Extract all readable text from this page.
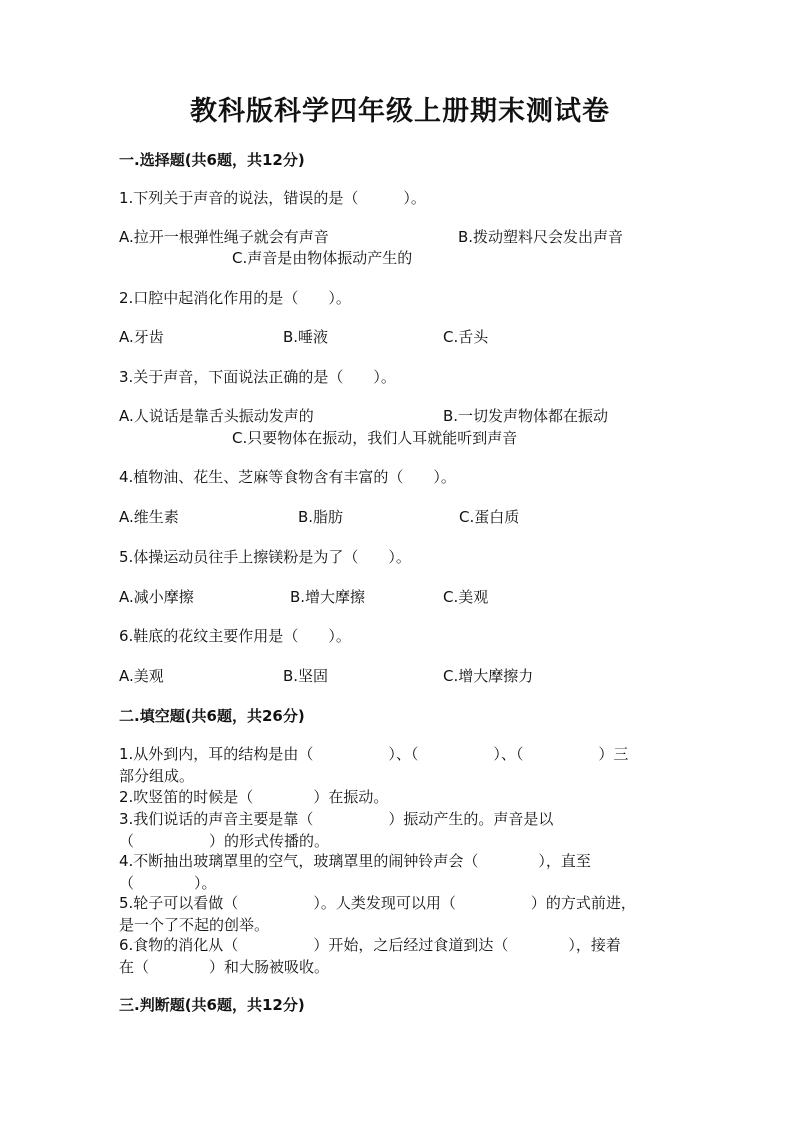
教科版科学四年级上册期末测试卷
一.选择题(共6题，共12分)
1.下列关于声音的说法，错误的是（　　　）。
A.拉开一根弹性绳子就会有声音	B.拨动塑料尺会发出声音
C.声音是由物体振动产生的
2.口腔中起消化作用的是（　　）。
A.牙齿	B.唾液	C.舌头
3.关于声音，下面说法正确的是（　　）。
A.人说话是靠舌头振动发声的	B.一切发声物体都在振动
C.只要物体在振动，我们人耳就能听到声音
4.植物油、花生、芝麻等食物含有丰富的（　　）。
A.维生素	B.脂肪	C.蛋白质
5.体操运动员往手上擦镁粉是为了（　　）。
A.减小摩擦	B.增大摩擦	C.美观
6.鞋底的花纹主要作用是（　　）。
A.美观	B.坚固	C.增大摩擦力
二.填空题(共6题，共26分)
1.从外到内，耳的结构是由（　　　　　）、（　　　　　）、（　　　　　）三
部分组成。
2.吹竖笛的时候是（　　　　）在振动。
3.我们说话的声音主要是靠（　　　　　）振动产生的。声音是以
（　　　　　）的形式传播的。
4.不断抽出玻璃罩里的空气，玻璃罩里的闹钟铃声会（　　　　），直至
（　　　　）。
5.轮子可以看做（　　　　　）。人类发现可以用（　　　　　）的方式前进，
是一个了不起的创举。
6.食物的消化从（　　　　　）开始，之后经过食道到达（　　　　），接着
在（　　　　）和大肠被吸收。
三.判断题(共6题，共12分)
